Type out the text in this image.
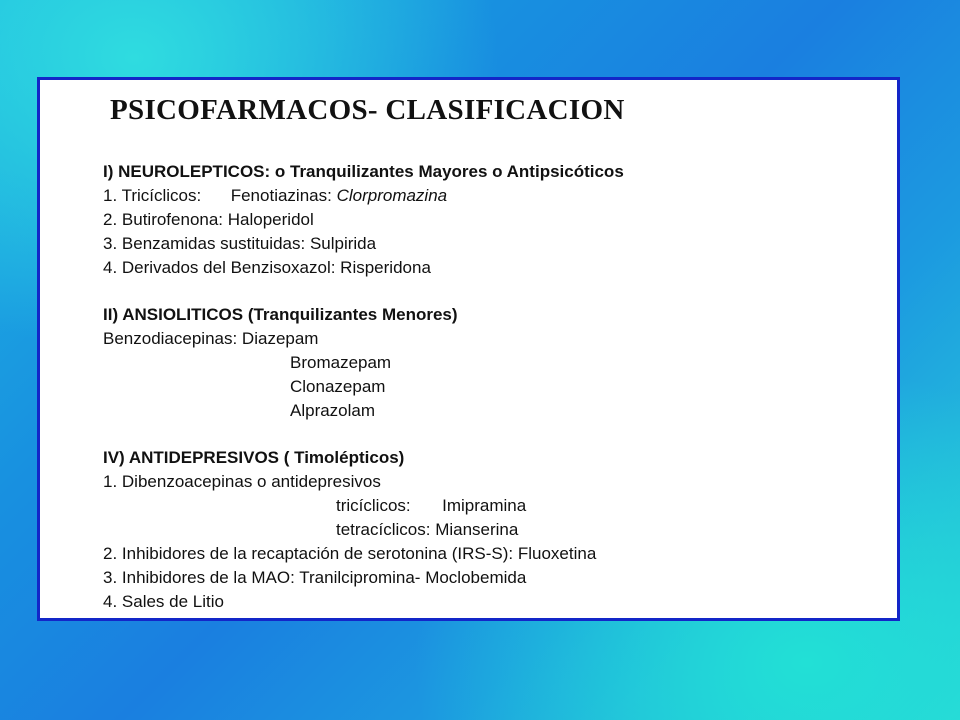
PSICOFARMACOS- CLASIFICACION
I) NEUROLEPTICOS: o Tranquilizantes Mayores o Antipsicóticos
1. Tricíclicos: Fenotiazinas: Clorpromazina
2. Butirofenona: Haloperidol
3. Benzamidas sustituidas: Sulpirida
4. Derivados del Benzisoxazol: Risperidona
II) ANSIOLITICOS (Tranquilizantes Menores)
Benzodiacepinas: Diazepam
Bromazepam
Clonazepam
Alprazolam
IV) ANTIDEPRESIVOS ( Timolépticos)
1. Dibenzoacepinas o antidepresivos
tricíclicos: Imipramina
tetracíclicos: Mianserina
2. Inhibidores de la recaptación de serotonina (IRS-S): Fluoxetina
3. Inhibidores de la MAO: Tranilcipromina- Moclobemida
4. Sales de Litio
